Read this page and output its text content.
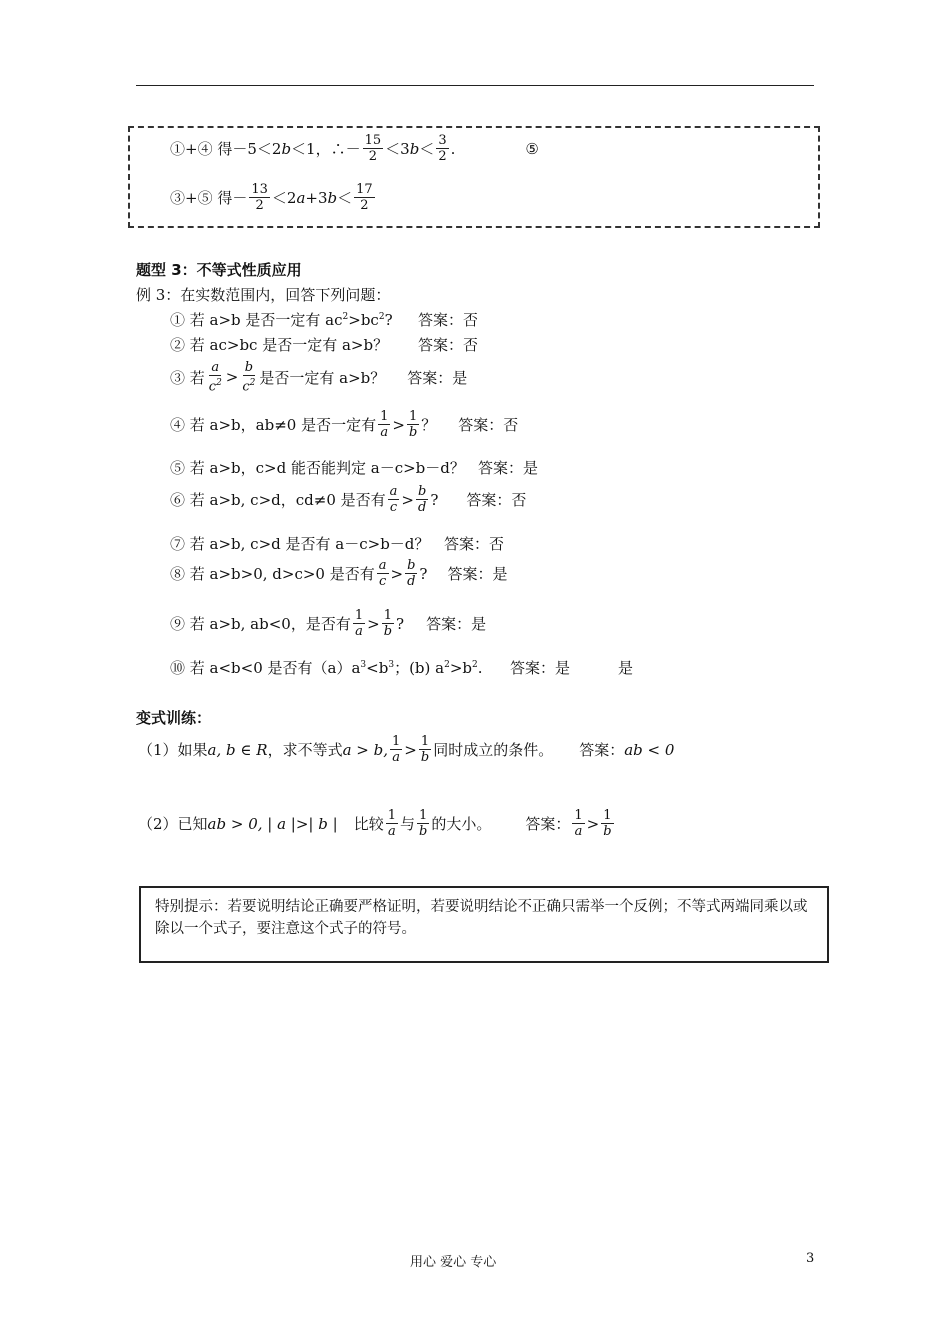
①+④ 得－5＜2 b ＜1，∴－ $\frac{15}{2} <3$ $b < \frac{3}{2}$ .	⑤
③+⑤ 得－ $\frac{13}{2} <2$ a +3 $b < \frac{17}{2}$
题型 3：不等式性质应用
例 3：在实数范围内，回答下列问题：
① 若 a>b 是否一定有 $ac^2>bc^2$? 答案：否
② 若 ac>bc 是否一定有 a>b？ 答案：否
③ 若 $\frac{a}{c^2} > \frac{b}{c^2}$ 是否一定有 a>b？ 答案：是
④ 若 a>b，ab≠0 是否一定有 $\frac{1}{a} > \frac{1}{b}$ ？ 答案：否
⑤ 若 a>b，c>d 能否能判定 a－c>b－d？ 答案：是
⑥ 若 a>b, c>d，cd≠0 是否有 $\frac{a}{c} > \frac{b}{d}$ ? 答案：否
⑦ 若 a>b, c>d 是否有 a－c>b－d？ 答案：否
⑧ 若 a>b>0, d>c>0 是否有 $\frac{a}{c} > \frac{b}{d}$ ? 答案：是
⑨ 若 a>b, ab<0，是否有 $\frac{1}{a} > \frac{1}{b}$ ? 答案：是
⑩ 若 a<b<0 是否有$(a)a^3<b^3$；(b) $a^2>b^2$. 答案：是	是
变式训练：
（1）如果 a, b ∈ R ，求不等式 a > b, $\frac{1}{a} > \frac{1}{b}$ 同时成立的条件。 答案： ab < 0
（2）已知 ab > 0, | a |>| b | 比较 $\frac{1}{a}$ 与 $\frac{1}{b}$ 的大小。 答案： $\frac{1}{a} > \frac{1}{b}$
特别提示：若要说明结论正确要严格证明，若要说明结论不正确只需举一个反例；不等式两端同乘以或除以一个式子，要注意这个式子的符号。
用心 爱心 专心	3
